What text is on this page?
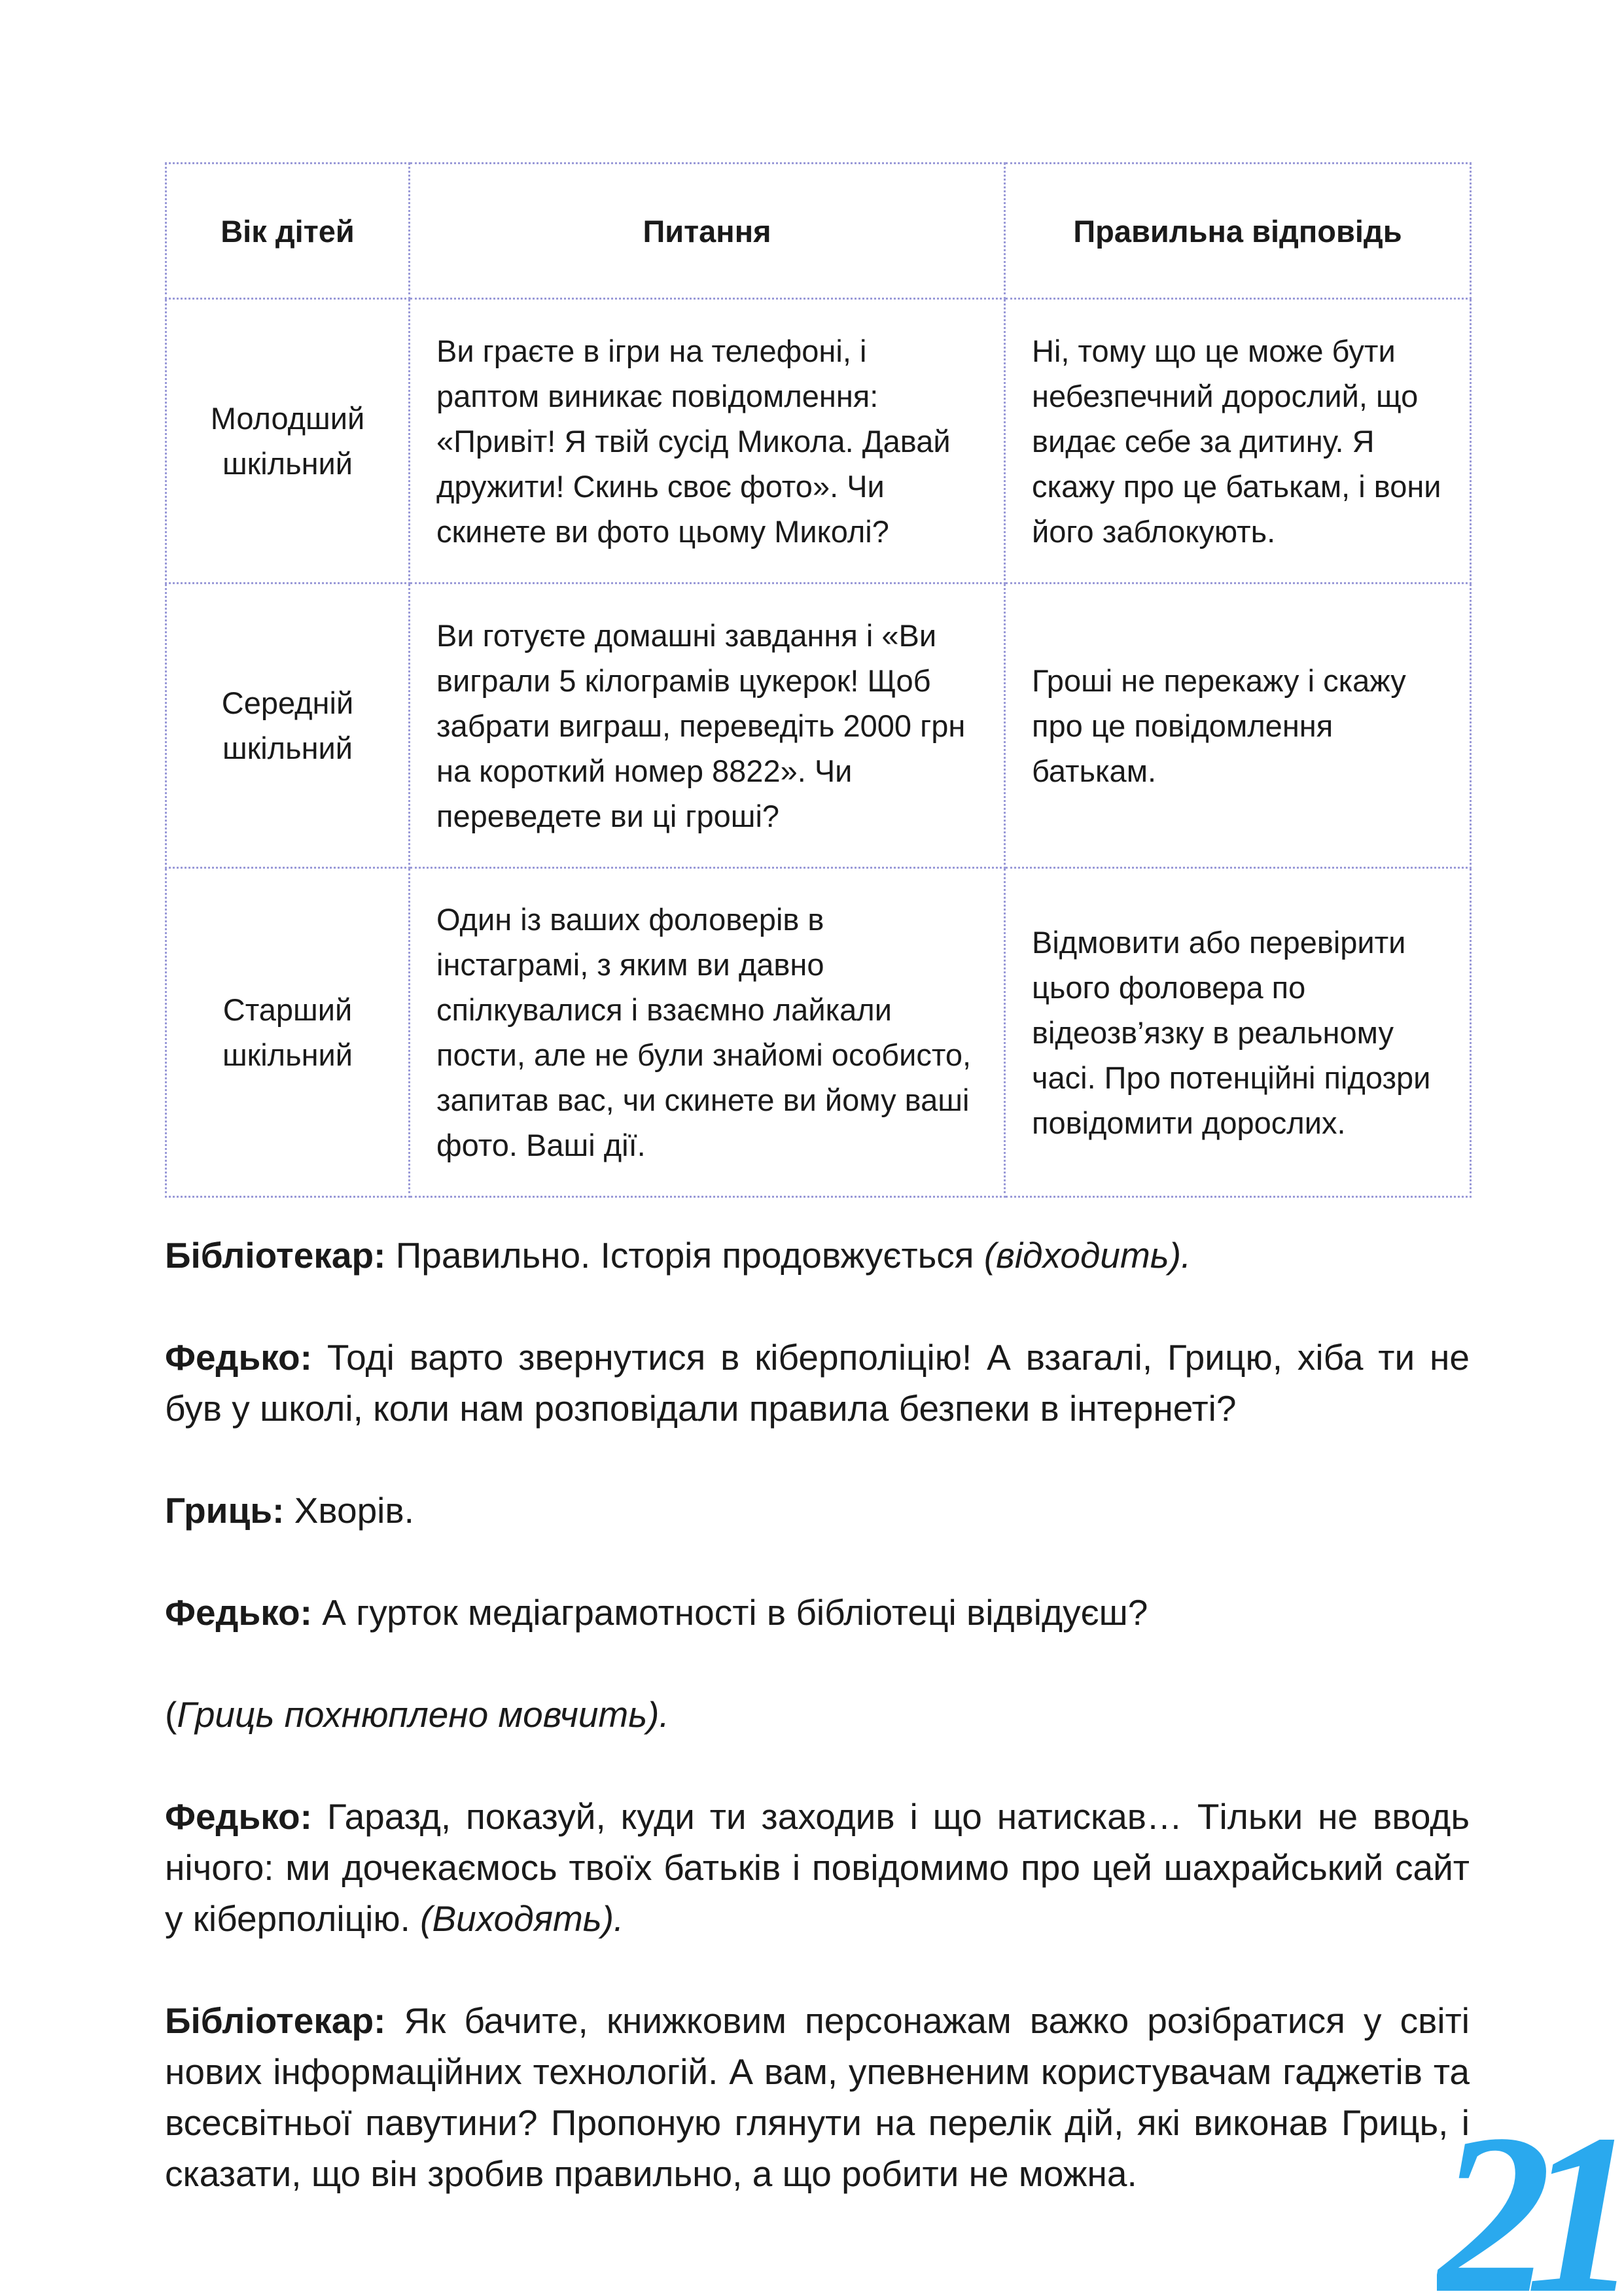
Вік дітей	Питання	Правильна відповідь

Молодший шкільний	Ви граєте в ігри на телефоні, і раптом виникає повідомлення: «Привіт! Я твій сусід Микола. Давай дружити! Скинь своє фото». Чи скинете ви фото цьому Миколі?	Ні, тому що це може бути небезпечний дорослий, що видає себе за дитину. Я скажу про це батькам, і вони його заблокують.

Середній шкільний	Ви готуєте домашні завдання і «Ви виграли 5 кілограмів цукерок! Щоб забрати виграш, переведіть 2000 грн на короткий номер 8822». Чи переведете ви ці гроші?	Гроші не перекажу і скажу про це повідомлення батькам.

Старший шкільний	Один із ваших фоловерів в інстаграмі, з яким ви давно спілкувалися і взаємно лайкали пости, але не були знайомі особисто, запитав вас, чи скинете ви йому ваші фото. Ваші дії.	Відмовити або перевірити цього фоловера по відеозв’язку в реальному часі. Про потенційні підозри повідомити дорослих.

Бібліотекар: Правильно. Історія продовжується (відходить).

Федько: Тоді варто звернутися в кіберполіцію! А взагалі, Грицю, хіба ти не був у школі, коли нам розповідали правила безпеки в інтернеті?

Гриць: Хворів.

Федько: А гурток медіаграмотності в бібліотеці відвідуєш?

(Гриць похнюплено мовчить).

Федько: Гаразд, показуй, куди ти заходив і що натискав… Тільки не вводь нічого: ми дочекаємось твоїх батьків і повідомимо про цей шахрайський сайт у кіберполіцію. (Виходять).

Бібліотекар: Як бачите, книжковим персонажам важко розібратися у світі нових інформаційних технологій. А вам, упевненим користувачам гаджетів та всесвітньої павутини? Пропоную глянути на перелік дій, які виконав Гриць, і сказати, що він зробив правильно, а що робити не можна.	21
